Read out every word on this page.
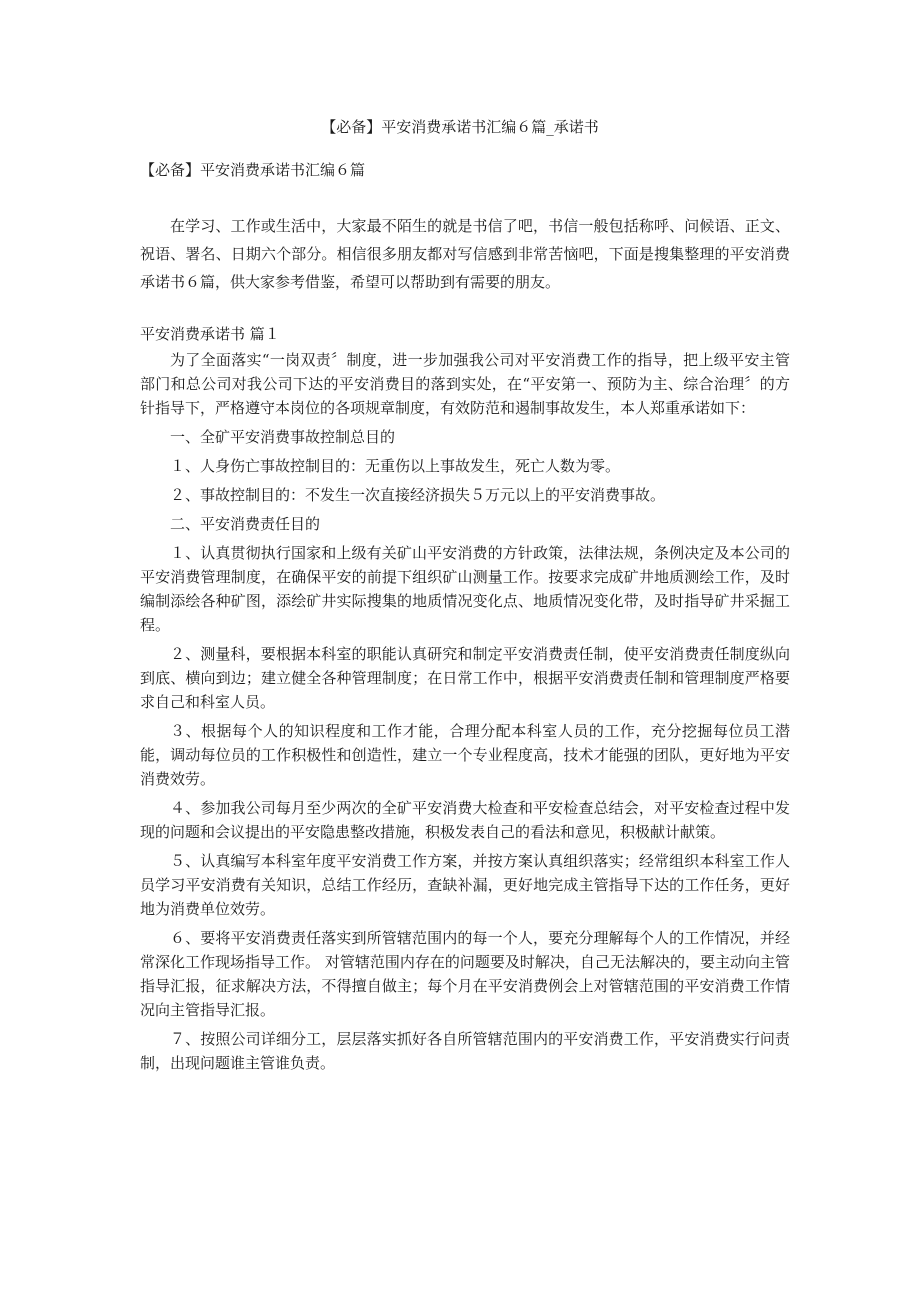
【必备】平安消费承诺书汇编６篇_承诺书
【必备】平安消费承诺书汇编６篇

在学习、工作或生活中，大家最不陌生的就是书信了吧，书信一般包括称呼、问候语、正文、祝语、署名、日期六个部分。相信很多朋友都对写信感到非常苦恼吧，下面是搜集整理的平安消费承诺书６篇，供大家参考借鉴，希望可以帮助到有需要的朋友。

平安消费承诺书 篇１

为了全面落实“一岗双责〞制度，进一步加强我公司对平安消费工作的指导，把上级平安主管部门和总公司对我公司下达的平安消费目的落到实处，在“平安第一、预防为主、综合治理〞的方针指导下，严格遵守本岗位的各项规章制度，有效防范和遏制事故发生，本人郑重承诺如下：

一、全矿平安消费事故控制总目的

１、人身伤亡事故控制目的：无重伤以上事故发生，死亡人数为零。

２、事故控制目的：不发生一次直接经济损失５万元以上的平安消费事故。

二、平安消费责任目的

１、认真贯彻执行国家和上级有关矿山平安消费的方针政策，法律法规，条例决定及本公司的平安消费管理制度，在确保平安的前提下组织矿山测量工作。按要求完成矿井地质测绘工作，及时编制添绘各种矿图，添绘矿井实际搜集的地质情况变化点、地质情况变化带，及时指导矿井采掘工程。

２、测量科，要根据本科室的职能认真研究和制定平安消费责任制，使平安消费责任制度纵向到底、横向到边；建立健全各种管理制度；在日常工作中，根据平安消费责任制和管理制度严格要求自己和科室人员。

３、根据每个人的知识程度和工作才能，合理分配本科室人员的工作，充分挖掘每位员工潜能，调动每位员的工作积极性和创造性，建立一个专业程度高，技术才能强的团队，更好地为平安消费效劳。

４、参加我公司每月至少两次的全矿平安消费大检查和平安检查总结会，对平安检查过程中发现的问题和会议提出的平安隐患整改措施，积极发表自己的看法和意见，积极献计献策。

５、认真编写本科室年度平安消费工作方案，并按方案认真组织落实；经常组织本科室工作人员学习平安消费有关知识，总结工作经历，查缺补漏，更好地完成主管指导下达的工作任务，更好地为消费单位效劳。

６、要将平安消费责任落实到所管辖范围内的每一个人，要充分理解每个人的工作情况，并经常深化工作现场指导工作。 对管辖范围内存在的问题要及时解决，自己无法解决的，要主动向主管指导汇报，征求解决方法，不得擅自做主；每个月在平安消费例会上对管辖范围的平安消费工作情况向主管指导汇报。

７、按照公司详细分工，层层落实抓好各自所管辖范围内的平安消费工作，平安消费实行问责制，出现问题谁主管谁负责。
